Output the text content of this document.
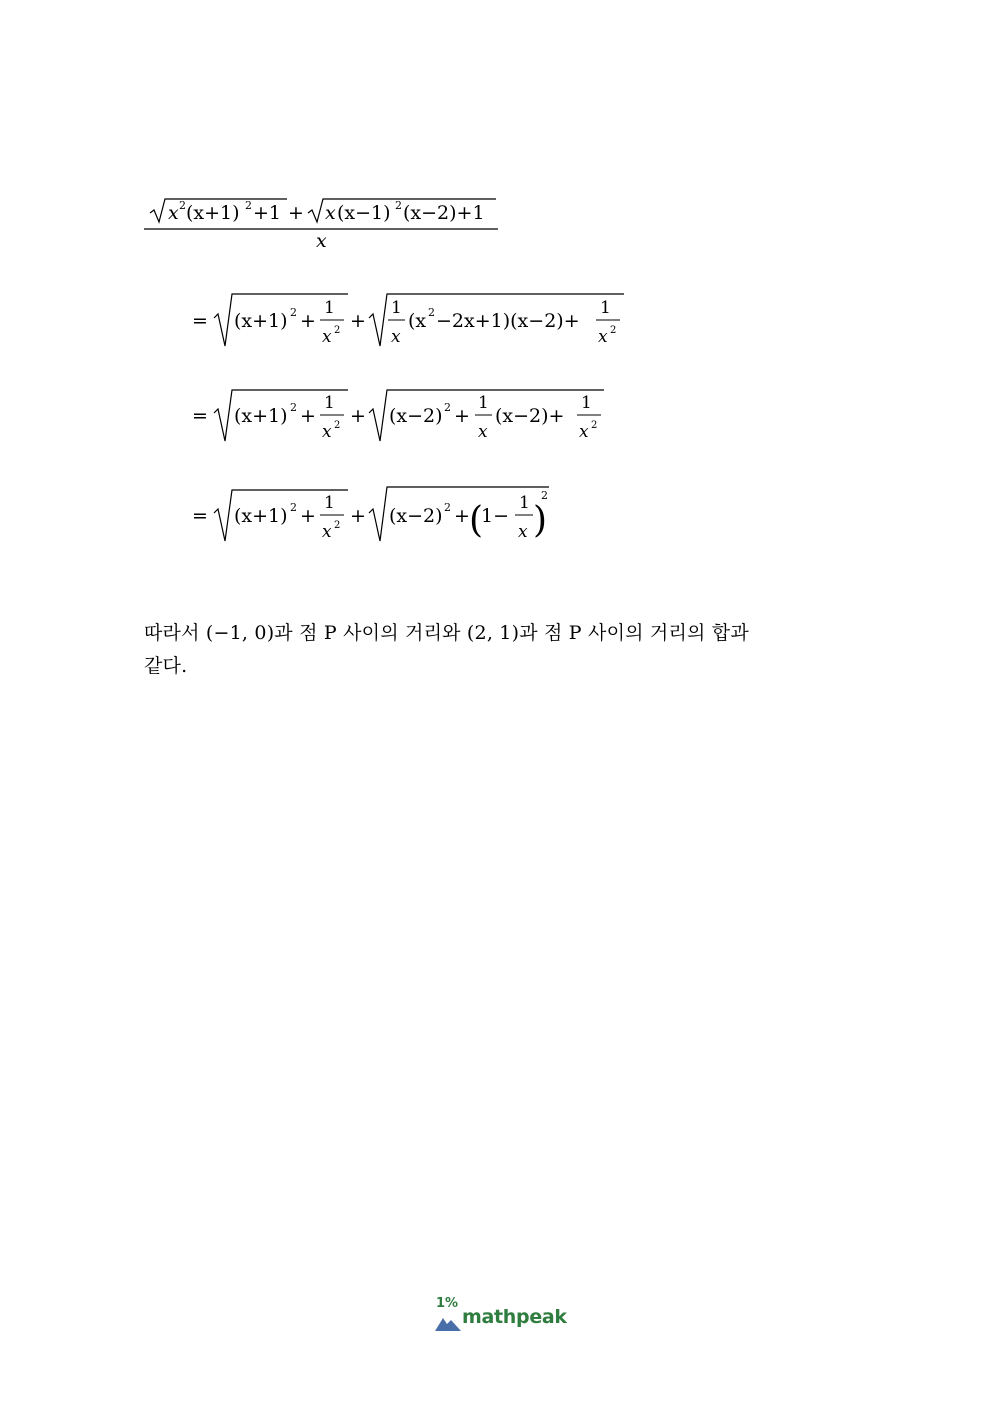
x 2 (x+1) 2 +1 + x (x−1) 2 (x−2)+1
x
= (x+1) 2 +
1
x 2 +
1
x
(x 2 −2x+1)(x−2)+
1
x 2
= (x+1) 2 +
1
x 2 + (x−2) 2 +
1
x
(x−2)+
1
x 2
= (x+1) 2 +
1
x 2 + (x−2) 2 + (
1−
1
x )
2

따라서 (−1, 0)과 점 P 사이의 거리와 (2, 1)과 점 P 사이의 거리의 합과

같다.

1%
mathpeak
